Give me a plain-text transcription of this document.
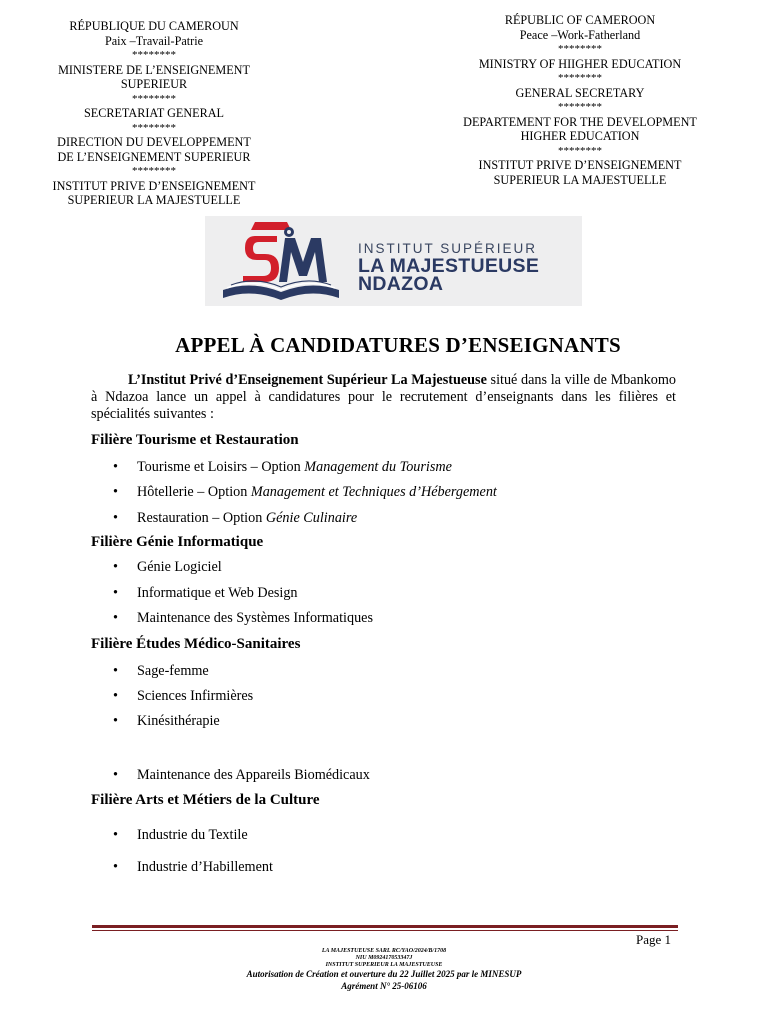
RÉPUBLIQUE DU CAMEROUN
Paix –Travail-Patrie
********
MINISTERE DE L’ENSEIGNEMENT
SUPERIEUR
********
SECRETARIAT GENERAL
********
DIRECTION DU DEVELOPPEMENT
DE L’ENSEIGNEMENT SUPERIEUR
********
INSTITUT PRIVE D’ENSEIGNEMENT
SUPERIEUR LA MAJESTUELLE
RÉPUBLIC OF CAMEROON
Peace –Work-Fatherland
********
MINISTRY OF HIIGHER EDUCATION
********
GENERAL SECRETARY
********
DEPARTEMENT FOR THE DEVELOPMENT
HIGHER EDUCATION
********
INSTITUT PRIVE D’ENSEIGNEMENT
SUPERIEUR LA MAJESTUELLE
INSTITUT SUPÉRIEUR
LA MAJESTUEUSE
NDAZOA
APPEL À CANDIDATURES D’ENSEIGNANTS
L’Institut Privé d’Enseignement Supérieur La Majestueuse situé dans la ville de Mbankomo à Ndazoa lance un appel à candidatures pour le recrutement d’enseignants dans les filières et spécialités suivantes :
Filière Tourisme et Restauration
• Tourisme et Loisirs – Option Management du Tourisme
• Hôtellerie – Option Management et Techniques d’Hébergement
• Restauration – Option Génie Culinaire
Filière Génie Informatique
• Génie Logiciel
• Informatique et Web Design
• Maintenance des Systèmes Informatiques
Filière Études Médico-Sanitaires
• Sage-femme
• Sciences Infirmières
• Kinésithérapie
• Maintenance des Appareils Biomédicaux
Filière Arts et Métiers de la Culture
• Industrie du Textile
• Industrie d’Habillement
Page 1
LA MAJESTUEUSE SARL RC/YAO/2024/B/1708
NIU M092417053347J
INSTITUT SUPERIEUR LA MAJESTUEUSE
Autorisation de Création et ouverture du 22 Juillet 2025 par le MINESUP
Agrément N° 25-06106
